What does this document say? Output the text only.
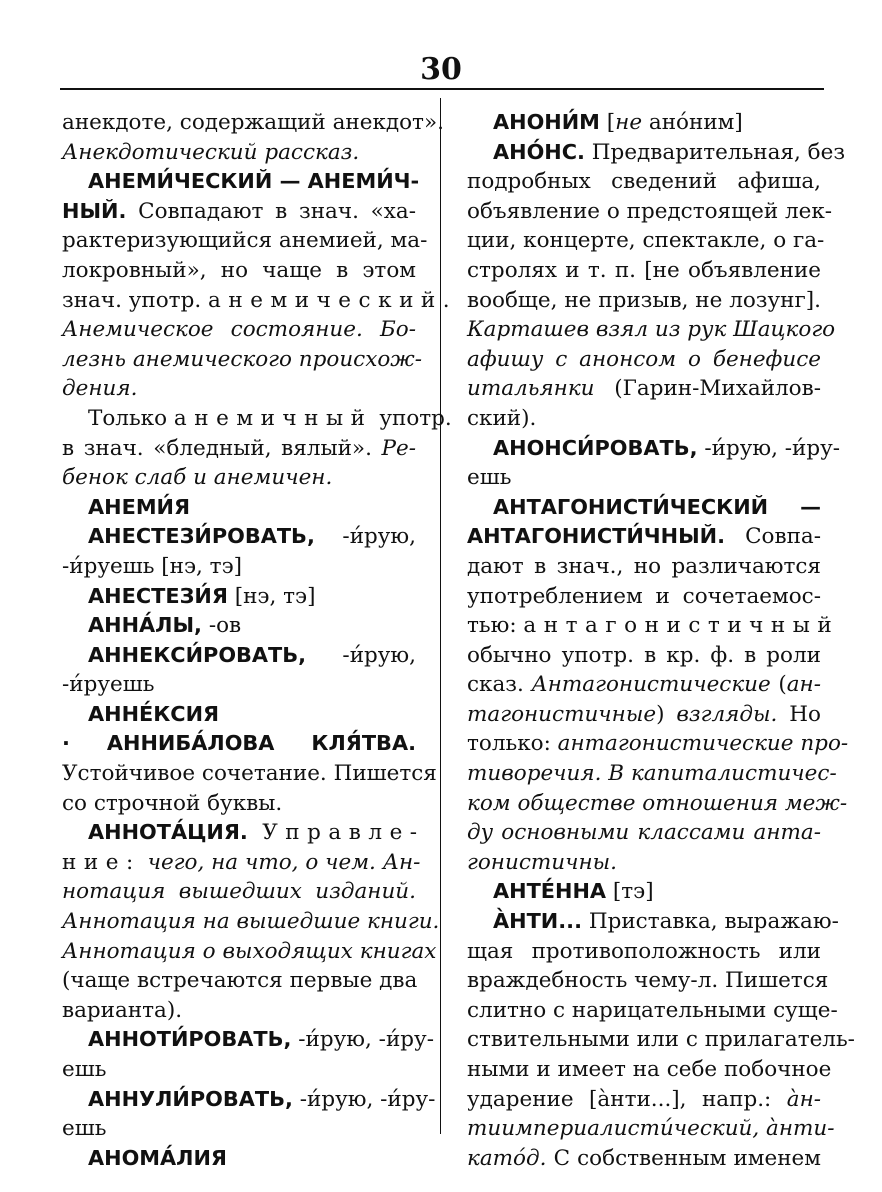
30
анекдоте, содержащий анекдот».
Анекдотический рассказ.
АНЕМИ́ЧЕСКИЙ — АНЕМИ́Ч-
НЫЙ. Совпадают в знач. «ха-
рактеризующийся анемией, ма-
локровный», но чаще в этом
знач. употр. анемический.
Анемическое состояние. Бо-
лезнь анемического происхож-
дения.
Только анемичный употр.
в знач. «бледный, вялый». Ре-
бенок слаб и анемичен.
АНЕМИ́Я
АНЕСТЕЗИ́РОВАТЬ, -и́рую,
-и́руешь [нэ, тэ]
АНЕСТЕЗИ́Я [нэ, тэ]
АННА́ЛЫ, -ов
АННЕКСИ́РОВАТЬ, -и́рую,
-и́руешь
АННЕ́КСИЯ
· АННИБА́ЛОВА КЛЯ́ТВА.
Устойчивое сочетание. Пишется
со строчной буквы.
АННОТА́ЦИЯ. Управле-
ние: чего, на что, о чем. Ан-
нотация вышедших изданий.
Аннотация на вышедшие книги.
Аннотация о выходящих книгах
(чаще встречаются первые два
варианта).
АННОТИ́РОВАТЬ, -и́рую, -и́ру-
ешь
АННУЛИ́РОВАТЬ, -и́рую, -и́ру-
ешь
АНОМА́ЛИЯ
АНОНИ́М [не ано́ним]
АНО́НС. Предварительная, без
подробных сведений афиша,
объявление о предстоящей лек-
ции, концерте, спектакле, о га-
стролях и т. п. [не объявление
вообще, не призыв, не лозунг].
Карташев взял из рук Шацкого
афишу с анонсом о бенефисе
итальянки (Гарин-Михайлов-
ский).
АНОНСИ́РОВАТЬ, -и́рую, -и́ру-
ешь
АНТАГОНИСТИ́ЧЕСКИЙ —
АНТАГОНИСТИ́ЧНЫЙ. Совпа-
дают в знач., но различаются
употреблением и сочетаемос-
тью: антагонистичный
обычно употр. в кр. ф. в роли
сказ. Антагонистические (ан-
тагонистичные) взгляды. Но
только: антагонистические про-
тиворечия. В капиталистичес-
ком обществе отношения меж-
ду основными классами анта-
гонистичны.
АНТЕ́ННА [тэ]
А̀НТИ... Приставка, выражаю-
щая противоположность или
враждебность чему-л. Пишется
слитно с нарицательными суще-
ствительными или с прилагатель-
ными и имеет на себе побочное
ударение [а̀нти...], напр.: а̀н-
тиимпериалисти́ческий, а̀нти-
като́д. С собственным именем
